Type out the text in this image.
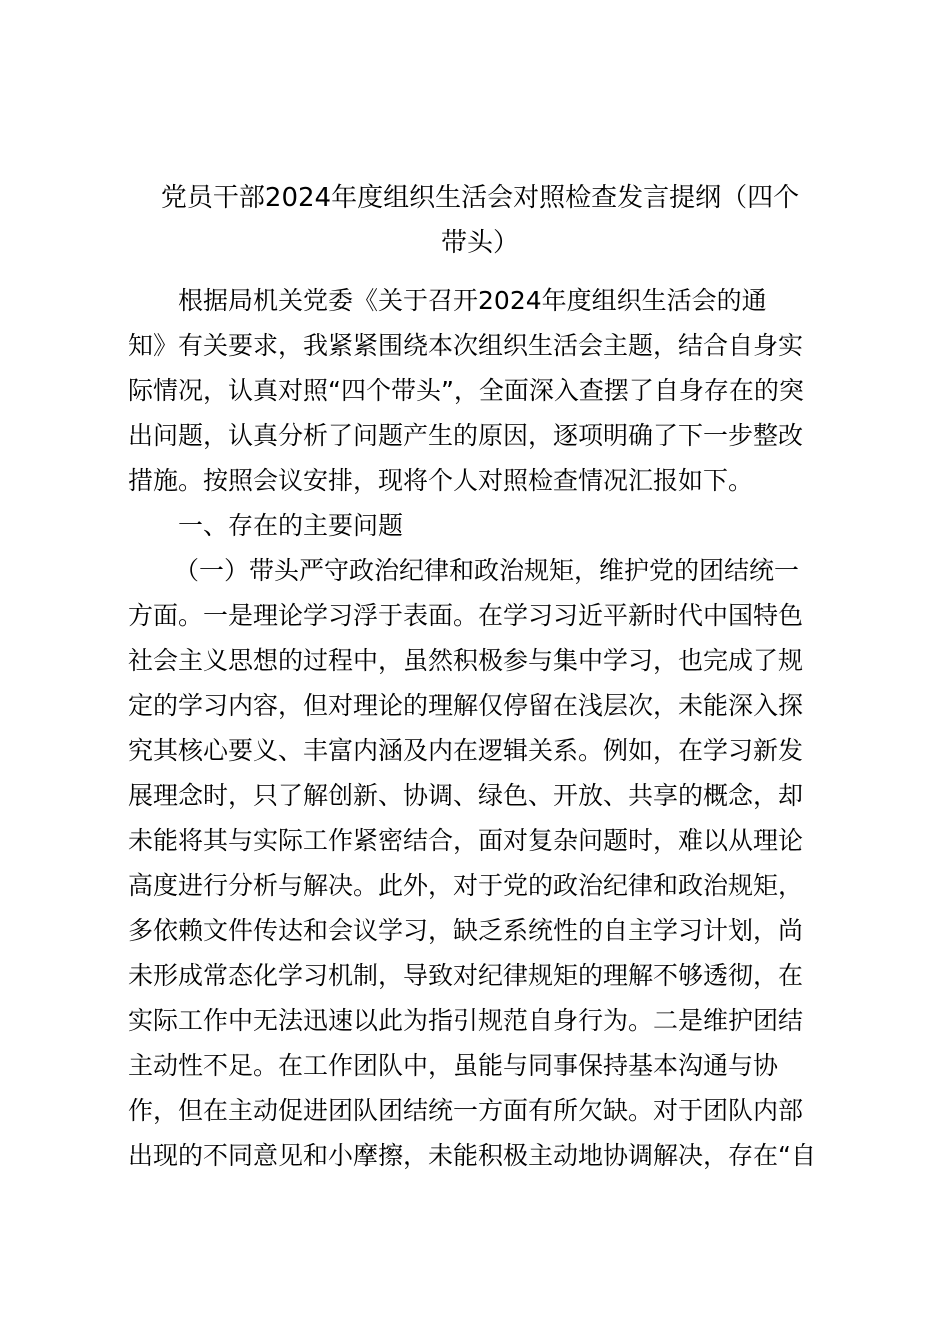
党员干部2024年度组织生活会对照检查发言提纲（四个
带头）
根据局机关党委《关于召开2024年度组织生活会的通
知》有关要求，我紧紧围绕本次组织生活会主题，结合自身实
际情况，认真对照“四个带头”，全面深入查摆了自身存在的突
出问题，认真分析了问题产生的原因，逐项明确了下一步整改
措施。按照会议安排，现将个人对照检查情况汇报如下。
一、存在的主要问题
（一）带头严守政治纪律和政治规矩，维护党的团结统一
方面。一是理论学习浮于表面。在学习习近平新时代中国特色
社会主义思想的过程中，虽然积极参与集中学习，也完成了规
定的学习内容，但对理论的理解仅停留在浅层次，未能深入探
究其核心要义、丰富内涵及内在逻辑关系。例如，在学习新发
展理念时，只了解创新、协调、绿色、开放、共享的概念，却
未能将其与实际工作紧密结合，面对复杂问题时，难以从理论
高度进行分析与解决。此外，对于党的政治纪律和政治规矩，
多依赖文件传达和会议学习，缺乏系统性的自主学习计划，尚
未形成常态化学习机制，导致对纪律规矩的理解不够透彻，在
实际工作中无法迅速以此为指引规范自身行为。二是维护团结
主动性不足。在工作团队中，虽能与同事保持基本沟通与协
作，但在主动促进团队团结统一方面有所欠缺。对于团队内部
出现的不同意见和小摩擦，未能积极主动地协调解决，存在“自
